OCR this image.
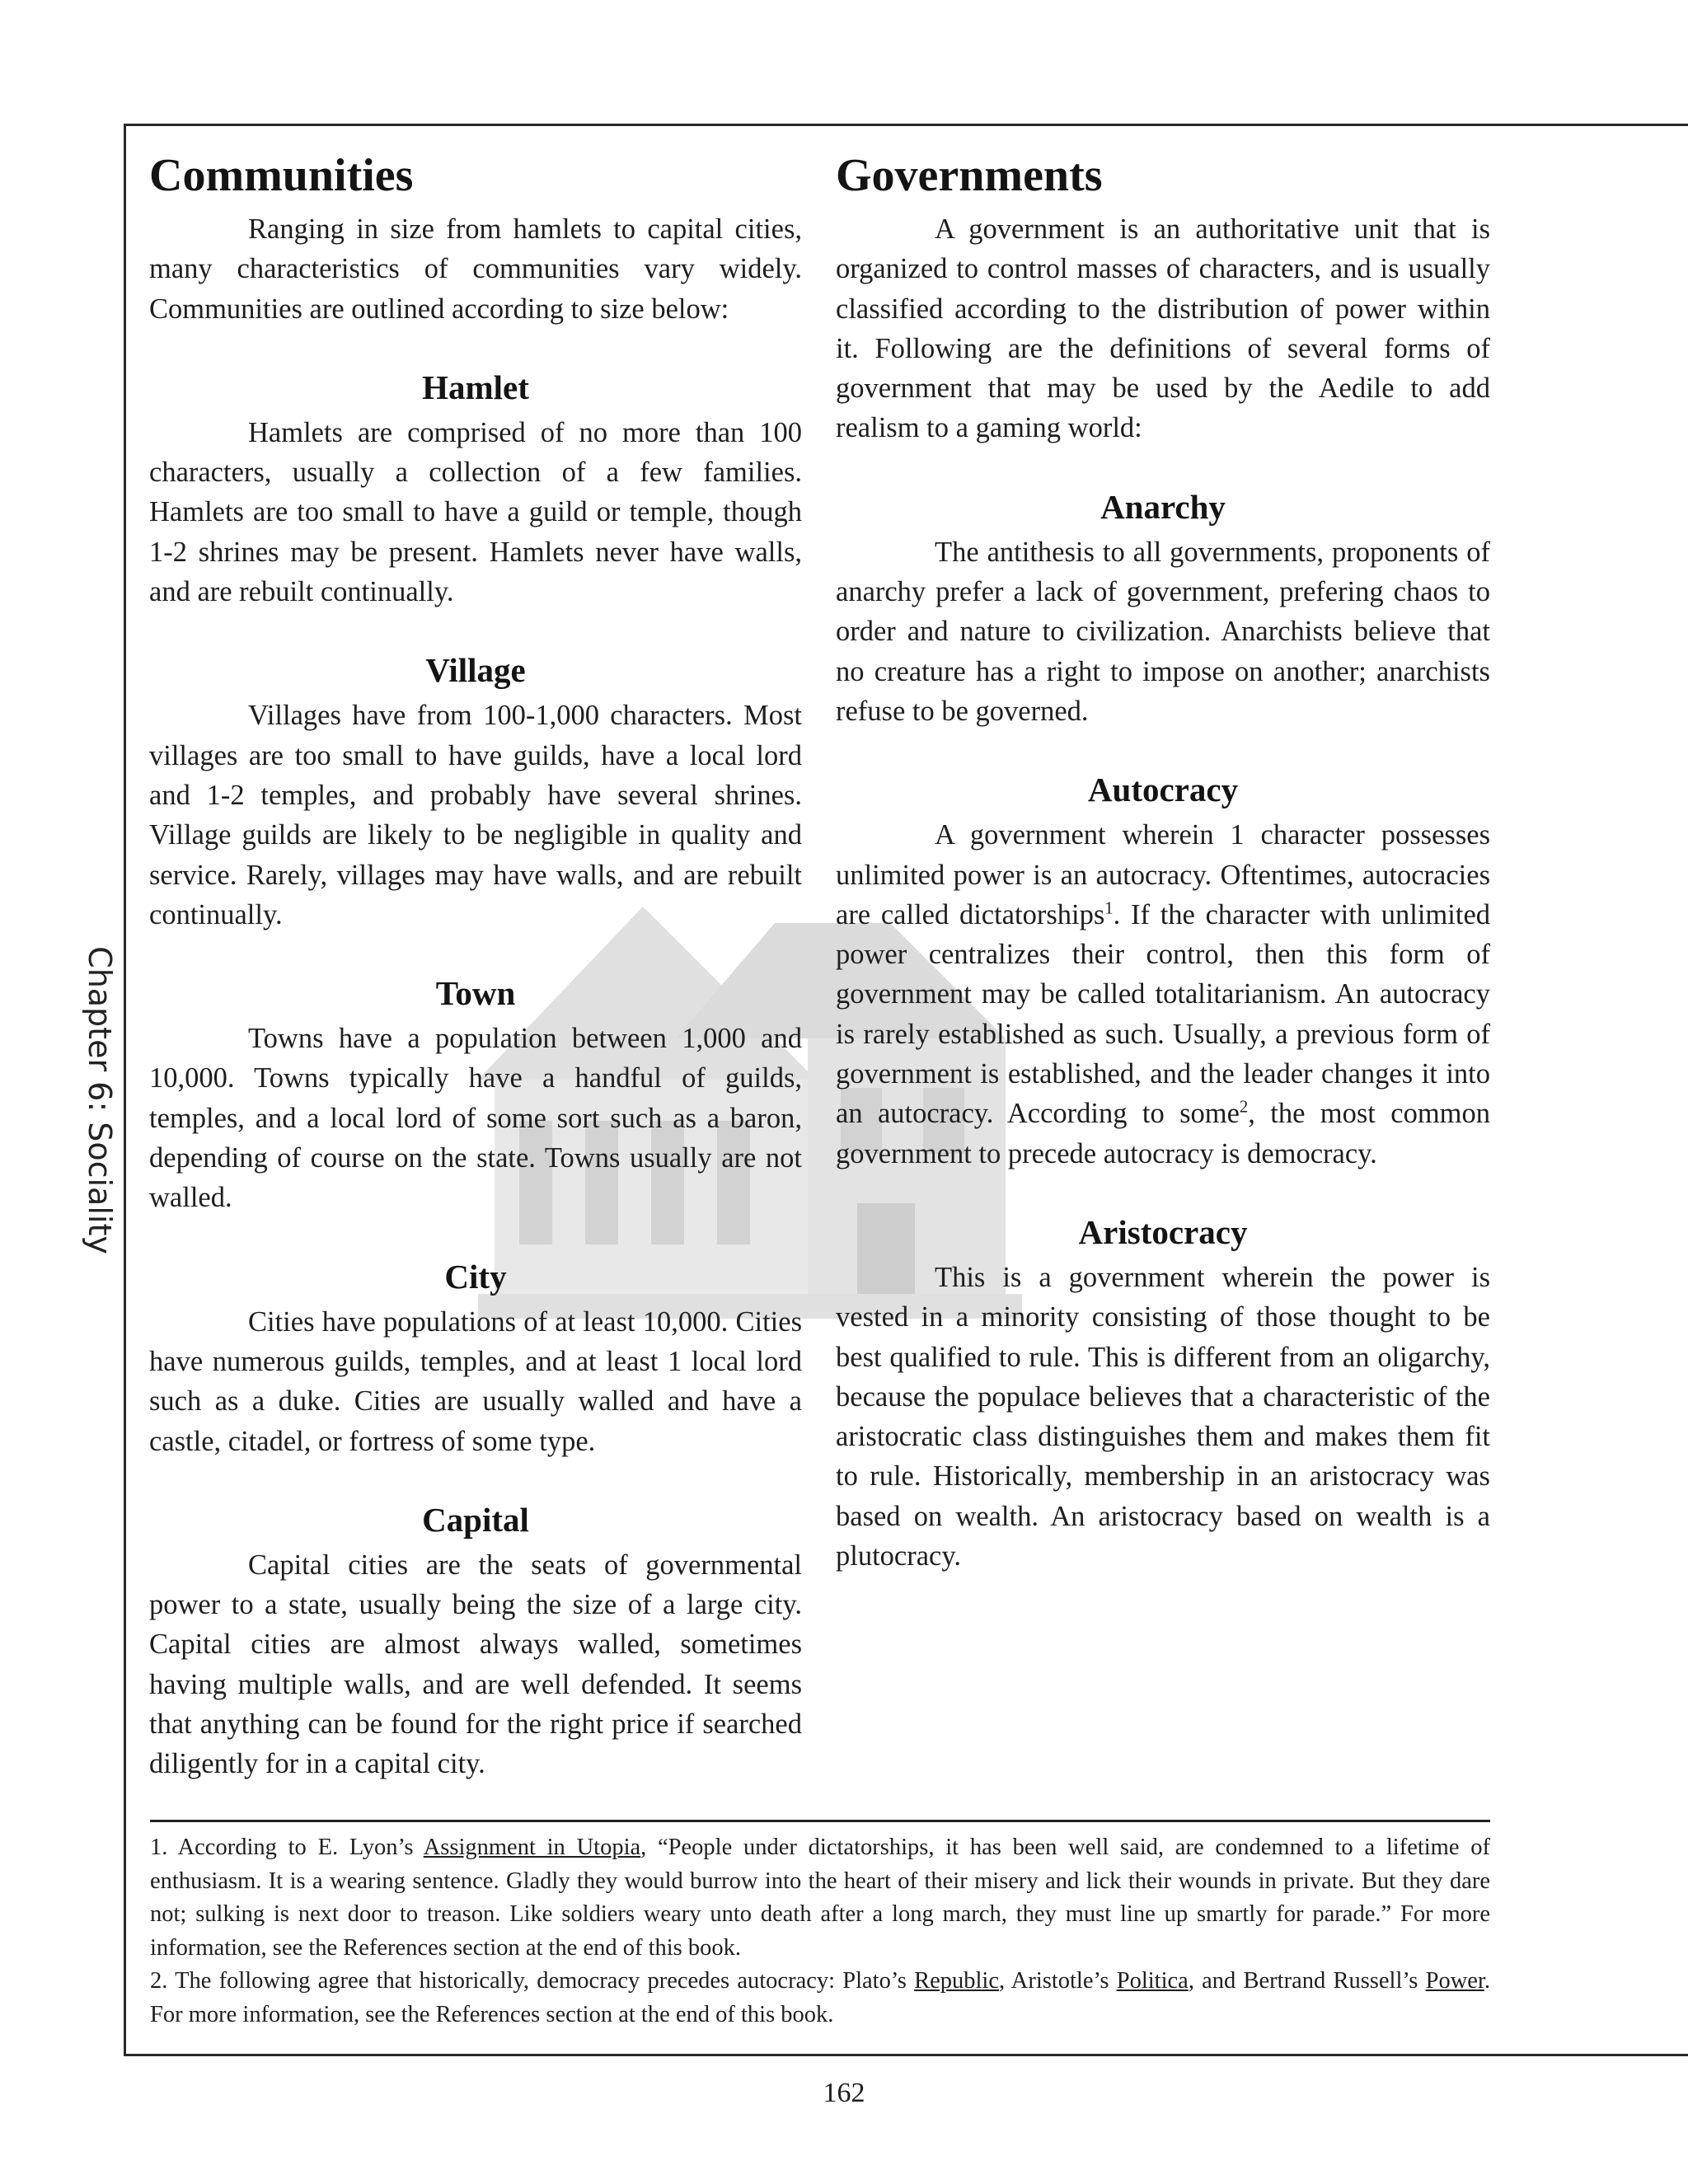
Chapter 6: Sociality
Communities

Ranging in size from hamlets to capital cities, many characteristics of communities vary widely. Communities are outlined according to size below:

Hamlet

Hamlets are comprised of no more than 100 characters, usually a collection of a few families. Hamlets are too small to have a guild or temple, though 1-2 shrines may be present. Hamlets never have walls, and are rebuilt continually.

Village

Villages have from 100-1,000 characters. Most villages are too small to have guilds, have a local lord and 1-2 temples, and probably have several shrines. Village guilds are likely to be negligible in quality and service. Rarely, villages may have walls, and are rebuilt continually.

Town

Towns have a population between 1,000 and 10,000. Towns typically have a handful of guilds, temples, and a local lord of some sort such as a baron, depending of course on the state. Towns usually are not walled.

City

Cities have populations of at least 10,000. Cities have numerous guilds, temples, and at least 1 local lord such as a duke. Cities are usually walled and have a castle, citadel, or fortress of some type.

Capital

Capital cities are the seats of governmental power to a state, usually being the size of a large city. Capital cities are almost always walled, sometimes having multiple walls, and are well defended. It seems that anything can be found for the right price if searched diligently for in a capital city.

Governments

A government is an authoritative unit that is organized to control masses of characters, and is usually classified according to the distribution of power within it. Following are the definitions of several forms of government that may be used by the Aedile to add realism to a gaming world:

Anarchy

The antithesis to all governments, proponents of anarchy prefer a lack of government, prefering chaos to order and nature to civilization. Anarchists believe that no creature has a right to impose on another; anarchists refuse to be governed.

Autocracy

A government wherein 1 character possesses unlimited power is an autocracy. Oftentimes, autocracies are called dictatorships$^1$. If the character with unlimited power centralizes their control, then this form of government may be called totalitarianism. An autocracy is rarely established as such. Usually, a previous form of government is established, and the leader changes it into an autocracy. According to some$^2$, the most common government to precede autocracy is democracy.

Aristocracy

This is a government wherein the power is vested in a minority consisting of those thought to be best qualified to rule. This is different from an oligarchy, because the populace believes that a characteristic of the aristocratic class distinguishes them and makes them fit to rule. Historically, membership in an aristocracy was based on wealth. An aristocracy based on wealth is a plutocracy.

1. According to E. Lyon’s Assignment in Utopia, “People under dictatorships, it has been well said, are condemned to a lifetime of enthusiasm. It is a wearing sentence. Gladly they would burrow into the heart of their misery and lick their wounds in private. But they dare not; sulking is next door to treason. Like soldiers weary unto death after a long march, they must line up smartly for parade.” For more information, see the References section at the end of this book.

2. The following agree that historically, democracy precedes autocracy: Plato’s Republic, Aristotle’s Politica, and Bertrand Russell’s Power. For more information, see the References section at the end of this book.

162
